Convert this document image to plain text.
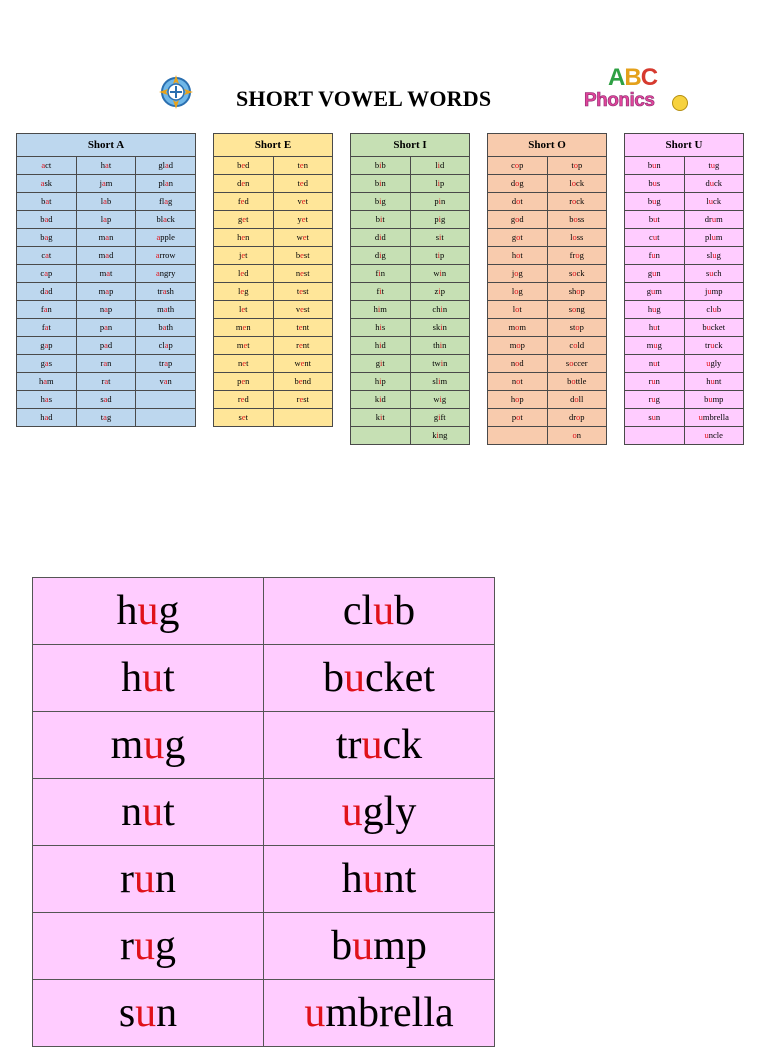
SHORT VOWEL WORDS
ABC
Phonics
Short A		
act	hat	glad
ask	jam	plan
bat	lab	flag
bad	lap	black
bag	man	apple
cat	mad	arrow
cap	mat	angry
dad	map	trash
fan	nap	math
fat	pan	bath
gap	pad	clap
gas	ran	trap
ham	rat	van
has	sad	
had	tag	
Short E	
bed	ten
den	ted
fed	vet
get	yet
hen	wet
jet	best
led	nest
leg	test
let	vest
men	tent
met	rent
net	went
pen	bend
red	rest
set	
Short I	
bib	lid
bin	lip
big	pin
bit	pig
did	sit
dig	tip
fin	win
fit	zip
him	chin
his	skin
hid	thin
git	twin
hip	slim
kid	wig
kit	gift
	king
Short O	
cop	top
dog	lock
dot	rock
god	boss
got	loss
hot	frog
jog	sock
log	shop
lot	song
mom	stop
mop	cold
nod	soccer
not	bottle
hop	doll
pot	drop
	on
Short U	
bun	tug
bus	duck
bug	luck
but	drum
cut	plum
fun	slug
gun	such
gum	jump
hug	club
hut	bucket
mug	truck
nut	ugly
run	hunt
rug	bump
sun	umbrella
	uncle
hug	club
hut	bucket
mug	truck
nut	ugly
run	hunt
rug	bump
sun	umbrella
